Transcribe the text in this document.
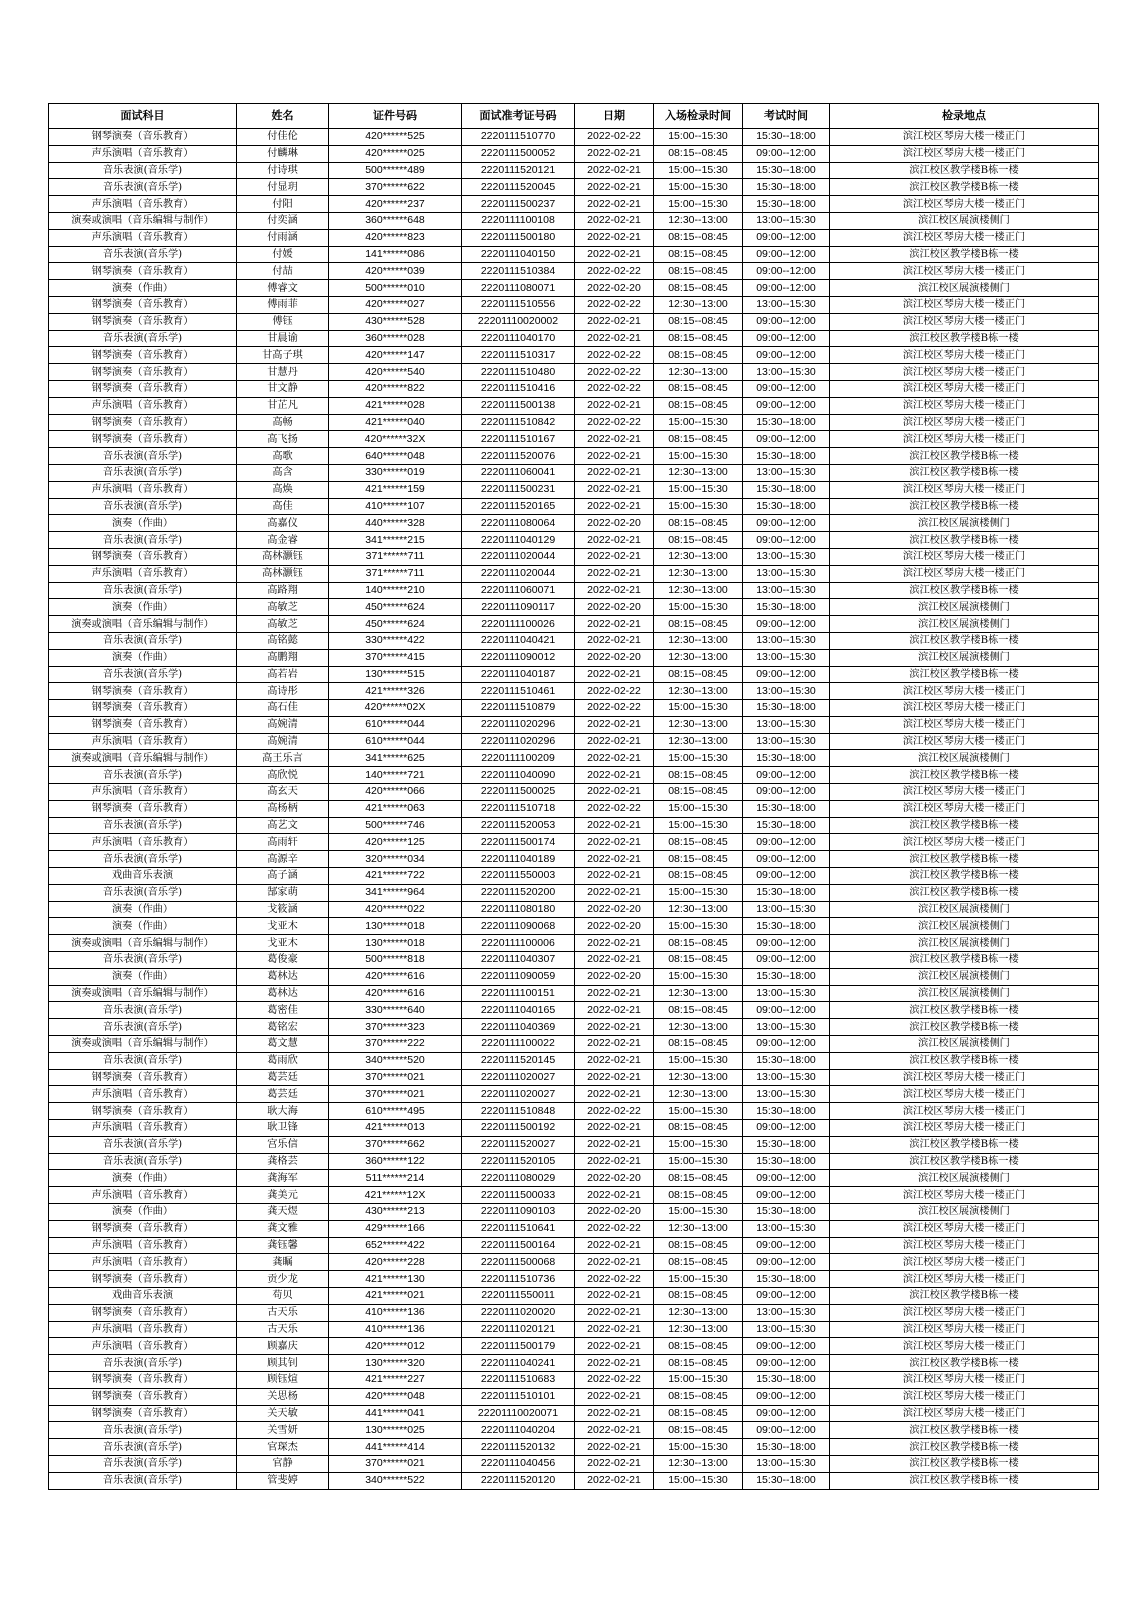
面试科目	姓名	证件号码	面试准考证号码	日期	入场检录时间	考试时间	检录地点
钢琴演奏（音乐教育）	付佳伦	420******525	2220111510770	2022-02-22	15:00--15:30	15:30--18:00	滨江校区琴房大楼一楼正门
声乐演唱（音乐教育）	付麟琳	420******025	2220111500052	2022-02-21	08:15--08:45	09:00--12:00	滨江校区琴房大楼一楼正门
音乐表演(音乐学)	付诗琪	500******489	2220111520121	2022-02-21	15:00--15:30	15:30--18:00	滨江校区教学楼B栋一楼
音乐表演(音乐学)	付显玥	370******622	2220111520045	2022-02-21	15:00--15:30	15:30--18:00	滨江校区教学楼B栋一楼
声乐演唱（音乐教育）	付阳	420******237	2220111500237	2022-02-21	15:00--15:30	15:30--18:00	滨江校区琴房大楼一楼正门
演奏或演唱（音乐编辑与制作）	付奕涵	360******648	2220111100108	2022-02-21	12:30--13:00	13:00--15:30	滨江校区展演楼侧门
声乐演唱（音乐教育）	付雨涵	420******823	2220111500180	2022-02-21	08:15--08:45	09:00--12:00	滨江校区琴房大楼一楼正门
音乐表演(音乐学)	付媛	141******086	2220111040150	2022-02-21	08:15--08:45	09:00--12:00	滨江校区教学楼B栋一楼
钢琴演奏（音乐教育）	付喆	420******039	2220111510384	2022-02-22	08:15--08:45	09:00--12:00	滨江校区琴房大楼一楼正门
演奏（作曲）	傅睿文	500******010	2220111080071	2022-02-20	08:15--08:45	09:00--12:00	滨江校区展演楼侧门
钢琴演奏（音乐教育）	傅雨菲	420******027	2220111510556	2022-02-22	12:30--13:00	13:00--15:30	滨江校区琴房大楼一楼正门
钢琴演奏（音乐教育）	傅钰	430******528	22201110020002	2022-02-21	08:15--08:45	09:00--12:00	滨江校区琴房大楼一楼正门
音乐表演(音乐学)	甘晨谕	360******028	2220111040170	2022-02-21	08:15--08:45	09:00--12:00	滨江校区教学楼B栋一楼
钢琴演奏（音乐教育）	甘高子琪	420******147	2220111510317	2022-02-22	08:15--08:45	09:00--12:00	滨江校区琴房大楼一楼正门
钢琴演奏（音乐教育）	甘慧丹	420******540	2220111510480	2022-02-22	12:30--13:00	13:00--15:30	滨江校区琴房大楼一楼正门
钢琴演奏（音乐教育）	甘文静	420******822	2220111510416	2022-02-22	08:15--08:45	09:00--12:00	滨江校区琴房大楼一楼正门
声乐演唱（音乐教育）	甘芷凡	421******028	2220111500138	2022-02-21	08:15--08:45	09:00--12:00	滨江校区琴房大楼一楼正门
钢琴演奏（音乐教育）	高畅	421******040	2220111510842	2022-02-22	15:00--15:30	15:30--18:00	滨江校区琴房大楼一楼正门
钢琴演奏（音乐教育）	高飞扬	420******32X	2220111510167	2022-02-21	08:15--08:45	09:00--12:00	滨江校区琴房大楼一楼正门
音乐表演(音乐学)	高歌	640******048	2220111520076	2022-02-21	15:00--15:30	15:30--18:00	滨江校区教学楼B栋一楼
音乐表演(音乐学)	高含	330******019	2220111060041	2022-02-21	12:30--13:00	13:00--15:30	滨江校区教学楼B栋一楼
声乐演唱（音乐教育）	高焕	421******159	2220111500231	2022-02-21	15:00--15:30	15:30--18:00	滨江校区琴房大楼一楼正门
音乐表演(音乐学)	高佳	410******107	2220111520165	2022-02-21	15:00--15:30	15:30--18:00	滨江校区教学楼B栋一楼
演奏（作曲）	高嘉仪	440******328	2220111080064	2022-02-20	08:15--08:45	09:00--12:00	滨江校区展演楼侧门
音乐表演(音乐学)	高金睿	341******215	2220111040129	2022-02-21	08:15--08:45	09:00--12:00	滨江校区教学楼B栋一楼
钢琴演奏（音乐教育）	高林灏钰	371******711	2220111020044	2022-02-21	12:30--13:00	13:00--15:30	滨江校区琴房大楼一楼正门
声乐演唱（音乐教育）	高林灏钰	371******711	2220111020044	2022-02-21	12:30--13:00	13:00--15:30	滨江校区琴房大楼一楼正门
音乐表演(音乐学)	高路翔	140******210	2220111060071	2022-02-21	12:30--13:00	13:00--15:30	滨江校区教学楼B栋一楼
演奏（作曲）	高敏芝	450******624	2220111090117	2022-02-20	15:00--15:30	15:30--18:00	滨江校区展演楼侧门
演奏或演唱（音乐编辑与制作）	高敏芝	450******624	2220111100026	2022-02-21	08:15--08:45	09:00--12:00	滨江校区展演楼侧门
音乐表演(音乐学)	高铭懿	330******422	2220111040421	2022-02-21	12:30--13:00	13:00--15:30	滨江校区教学楼B栋一楼
演奏（作曲）	高鹏翔	370******415	2220111090012	2022-02-20	12:30--13:00	13:00--15:30	滨江校区展演楼侧门
音乐表演(音乐学)	高若岩	130******515	2220111040187	2022-02-21	08:15--08:45	09:00--12:00	滨江校区教学楼B栋一楼
钢琴演奏（音乐教育）	高诗彤	421******326	2220111510461	2022-02-22	12:30--13:00	13:00--15:30	滨江校区琴房大楼一楼正门
钢琴演奏（音乐教育）	高石佳	420******02X	2220111510879	2022-02-22	15:00--15:30	15:30--18:00	滨江校区琴房大楼一楼正门
钢琴演奏（音乐教育）	高婉清	610******044	2220111020296	2022-02-21	12:30--13:00	13:00--15:30	滨江校区琴房大楼一楼正门
声乐演唱（音乐教育）	高婉清	610******044	2220111020296	2022-02-21	12:30--13:00	13:00--15:30	滨江校区琴房大楼一楼正门
演奏或演唱（音乐编辑与制作）	高王乐言	341******625	2220111100209	2022-02-21	15:00--15:30	15:30--18:00	滨江校区展演楼侧门
音乐表演(音乐学)	高欣悦	140******721	2220111040090	2022-02-21	08:15--08:45	09:00--12:00	滨江校区教学楼B栋一楼
声乐演唱（音乐教育）	高玄天	420******066	2220111500025	2022-02-21	08:15--08:45	09:00--12:00	滨江校区琴房大楼一楼正门
钢琴演奏（音乐教育）	高杨柄	421******063	2220111510718	2022-02-22	15:00--15:30	15:30--18:00	滨江校区琴房大楼一楼正门
音乐表演(音乐学)	高艺文	500******746	2220111520053	2022-02-21	15:00--15:30	15:30--18:00	滨江校区教学楼B栋一楼
声乐演唱（音乐教育）	高雨轩	420******125	2220111500174	2022-02-21	08:15--08:45	09:00--12:00	滨江校区琴房大楼一楼正门
音乐表演(音乐学)	高源辛	320******034	2220111040189	2022-02-21	08:15--08:45	09:00--12:00	滨江校区教学楼B栋一楼
戏曲音乐表演	高子涵	421******722	2220111550003	2022-02-21	08:15--08:45	09:00--12:00	滨江校区教学楼B栋一楼
音乐表演(音乐学)	郜家萌	341******964	2220111520200	2022-02-21	15:00--15:30	15:30--18:00	滨江校区教学楼B栋一楼
演奏（作曲）	戈筱涵	420******022	2220111080180	2022-02-20	12:30--13:00	13:00--15:30	滨江校区展演楼侧门
演奏（作曲）	戈亚木	130******018	2220111090068	2022-02-20	15:00--15:30	15:30--18:00	滨江校区展演楼侧门
演奏或演唱（音乐编辑与制作）	戈亚木	130******018	2220111100006	2022-02-21	08:15--08:45	09:00--12:00	滨江校区展演楼侧门
音乐表演(音乐学)	葛俊豪	500******818	2220111040307	2022-02-21	08:15--08:45	09:00--12:00	滨江校区教学楼B栋一楼
演奏（作曲）	葛林达	420******616	2220111090059	2022-02-20	15:00--15:30	15:30--18:00	滨江校区展演楼侧门
演奏或演唱（音乐编辑与制作）	葛林达	420******616	2220111100151	2022-02-21	12:30--13:00	13:00--15:30	滨江校区展演楼侧门
音乐表演(音乐学)	葛密佳	330******640	2220111040165	2022-02-21	08:15--08:45	09:00--12:00	滨江校区教学楼B栋一楼
音乐表演(音乐学)	葛铭宏	370******323	2220111040369	2022-02-21	12:30--13:00	13:00--15:30	滨江校区教学楼B栋一楼
演奏或演唱（音乐编辑与制作）	葛文慧	370******222	2220111100022	2022-02-21	08:15--08:45	09:00--12:00	滨江校区展演楼侧门
音乐表演(音乐学)	葛雨欣	340******520	2220111520145	2022-02-21	15:00--15:30	15:30--18:00	滨江校区教学楼B栋一楼
钢琴演奏（音乐教育）	葛芸廷	370******021	2220111020027	2022-02-21	12:30--13:00	13:00--15:30	滨江校区琴房大楼一楼正门
声乐演唱（音乐教育）	葛芸廷	370******021	2220111020027	2022-02-21	12:30--13:00	13:00--15:30	滨江校区琴房大楼一楼正门
钢琴演奏（音乐教育）	耿大海	610******495	2220111510848	2022-02-22	15:00--15:30	15:30--18:00	滨江校区琴房大楼一楼正门
声乐演唱（音乐教育）	耿卫锋	421******013	2220111500192	2022-02-21	08:15--08:45	09:00--12:00	滨江校区琴房大楼一楼正门
音乐表演(音乐学)	宫乐信	370******662	2220111520027	2022-02-21	15:00--15:30	15:30--18:00	滨江校区教学楼B栋一楼
音乐表演(音乐学)	龚格芸	360******122	2220111520105	2022-02-21	15:00--15:30	15:30--18:00	滨江校区教学楼B栋一楼
演奏（作曲）	龚海军	511******214	2220111080029	2022-02-20	08:15--08:45	09:00--12:00	滨江校区展演楼侧门
声乐演唱（音乐教育）	龚美元	421******12X	2220111500033	2022-02-21	08:15--08:45	09:00--12:00	滨江校区琴房大楼一楼正门
演奏（作曲）	龚天煜	430******213	2220111090103	2022-02-20	15:00--15:30	15:30--18:00	滨江校区展演楼侧门
钢琴演奏（音乐教育）	龚文雅	429******166	2220111510641	2022-02-22	12:30--13:00	13:00--15:30	滨江校区琴房大楼一楼正门
声乐演唱（音乐教育）	龚钰馨	652******422	2220111500164	2022-02-21	08:15--08:45	09:00--12:00	滨江校区琴房大楼一楼正门
声乐演唱（音乐教育）	龚瞩	420******228	2220111500068	2022-02-21	08:15--08:45	09:00--12:00	滨江校区琴房大楼一楼正门
钢琴演奏（音乐教育）	贡少龙	421******130	2220111510736	2022-02-22	15:00--15:30	15:30--18:00	滨江校区琴房大楼一楼正门
戏曲音乐表演	苟贝	421******021	2220111550011	2022-02-21	08:15--08:45	09:00--12:00	滨江校区教学楼B栋一楼
钢琴演奏（音乐教育）	古天乐	410******136	2220111020020	2022-02-21	12:30--13:00	13:00--15:30	滨江校区琴房大楼一楼正门
声乐演唱（音乐教育）	古天乐	410******136	2220111020121	2022-02-21	12:30--13:00	13:00--15:30	滨江校区琴房大楼一楼正门
声乐演唱（音乐教育）	顾嘉庆	420******012	2220111500179	2022-02-21	08:15--08:45	09:00--12:00	滨江校区琴房大楼一楼正门
音乐表演(音乐学)	顾其钊	130******320	2220111040241	2022-02-21	08:15--08:45	09:00--12:00	滨江校区教学楼B栋一楼
钢琴演奏（音乐教育）	顾钰煊	421******227	2220111510683	2022-02-22	15:00--15:30	15:30--18:00	滨江校区琴房大楼一楼正门
钢琴演奏（音乐教育）	关思杨	420******048	2220111510101	2022-02-21	08:15--08:45	09:00--12:00	滨江校区琴房大楼一楼正门
钢琴演奏（音乐教育）	关天敏	441******041	22201110020071	2022-02-21	08:15--08:45	09:00--12:00	滨江校区琴房大楼一楼正门
音乐表演(音乐学)	关雪妍	130******025	2220111040204	2022-02-21	08:15--08:45	09:00--12:00	滨江校区教学楼B栋一楼
音乐表演(音乐学)	官琛杰	441******414	2220111520132	2022-02-21	15:00--15:30	15:30--18:00	滨江校区教学楼B栋一楼
音乐表演(音乐学)	官静	370******021	2220111040456	2022-02-21	12:30--13:00	13:00--15:30	滨江校区教学楼B栋一楼
音乐表演(音乐学)	管斐婷	340******522	2220111520120	2022-02-21	15:00--15:30	15:30--18:00	滨江校区教学楼B栋一楼
